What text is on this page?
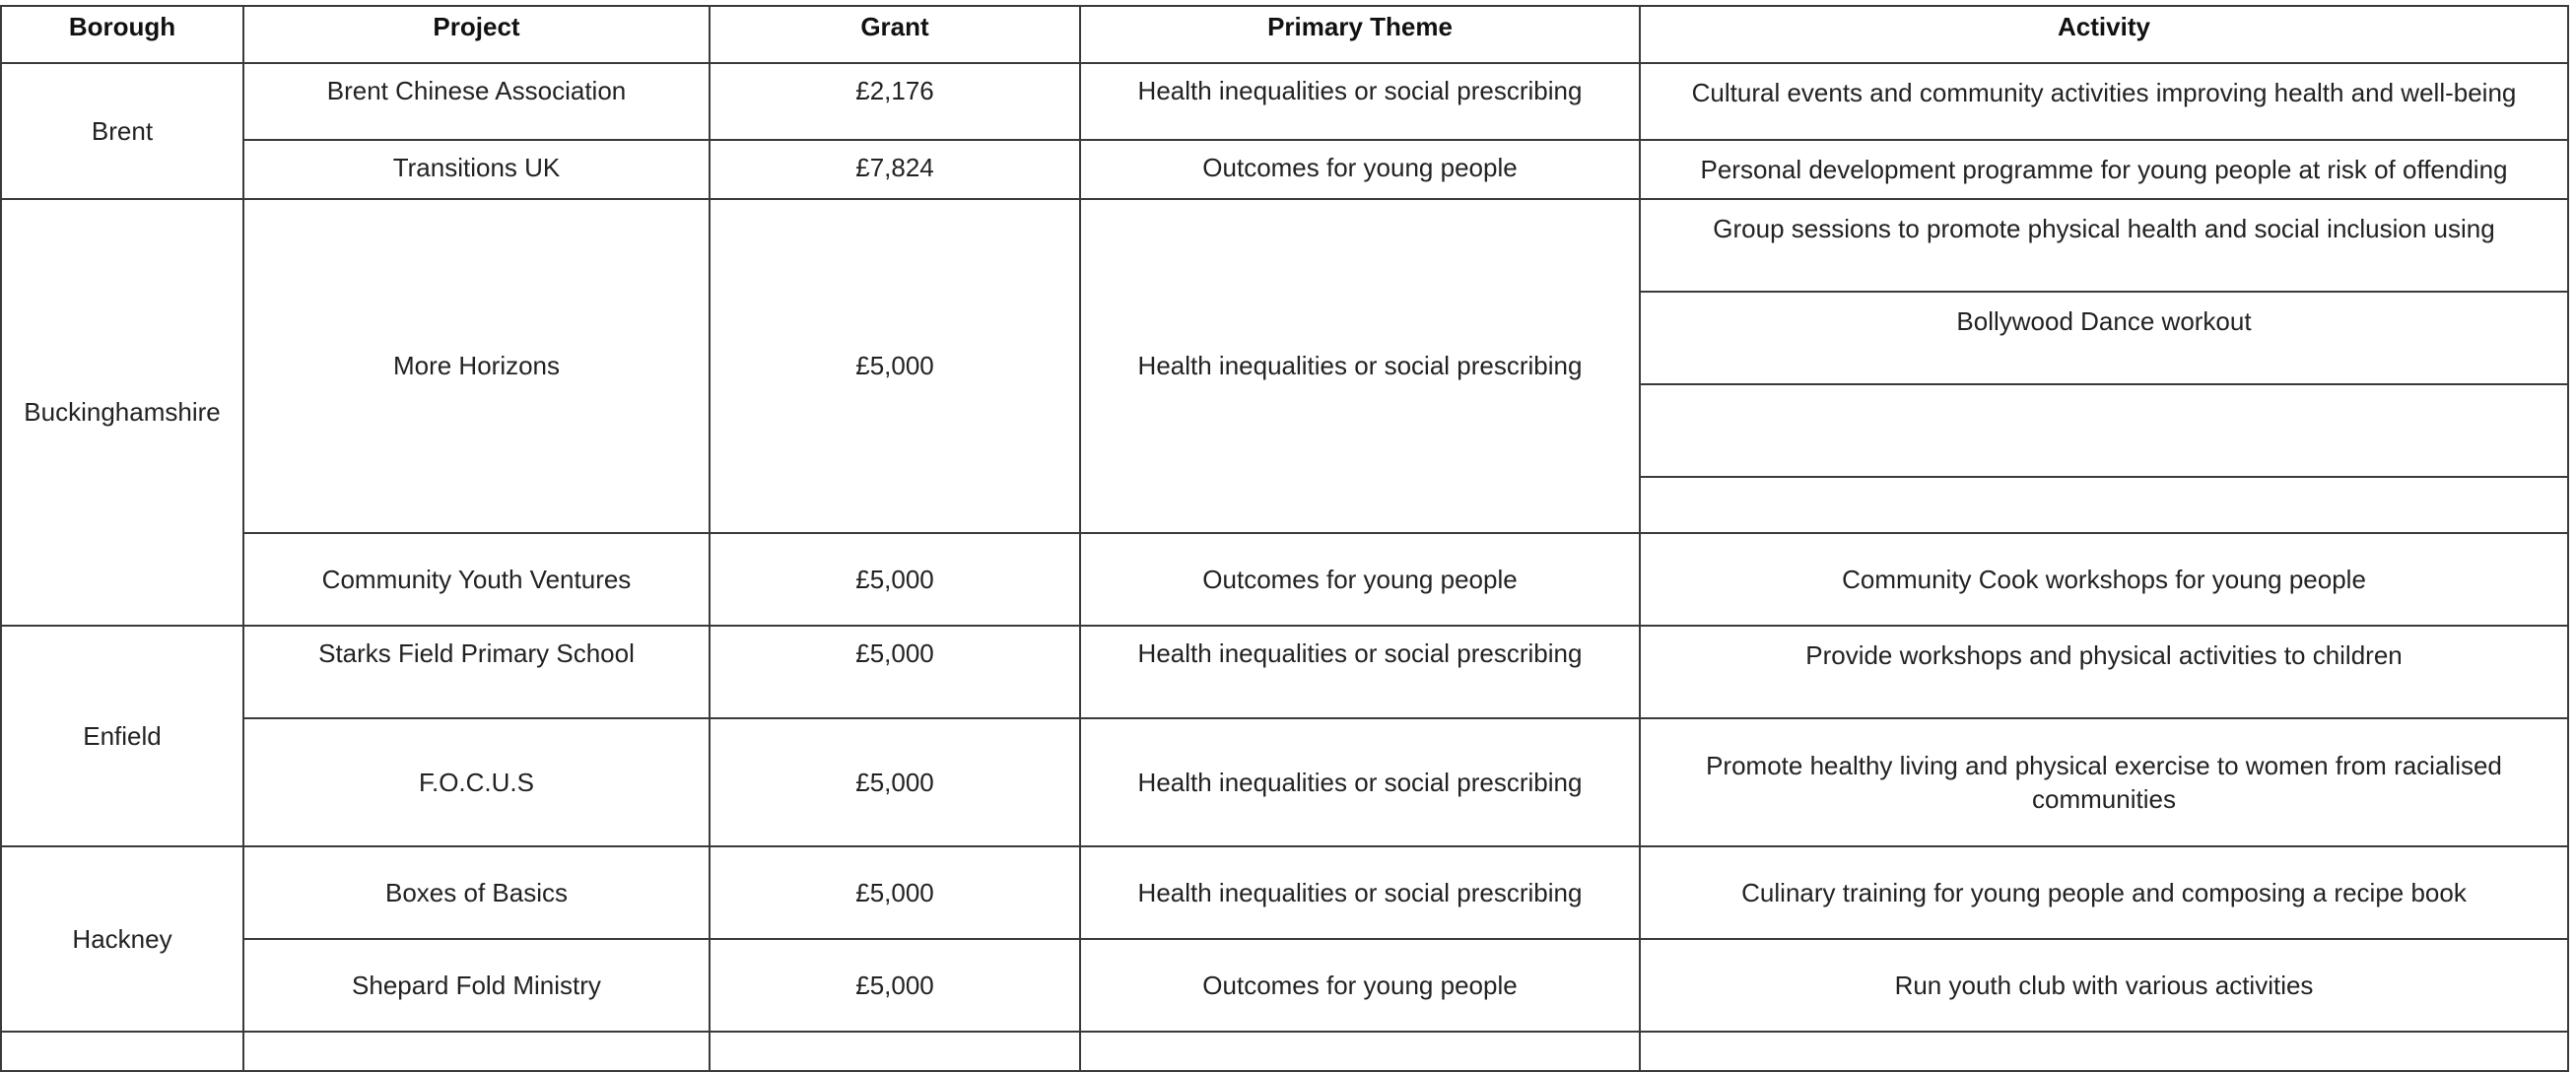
Borough	Project	Grant	Primary Theme	Activity
Brent	Brent Chinese Association	£2,176	Health inequalities or social prescribing	Cultural events and community activities improving health and well-being
	Transitions UK	£7,824	Outcomes for young people	Personal development programme for young people at risk of offending
Buckinghamshire	More Horizons	£5,000	Health inequalities or social prescribing	Group sessions to promote physical health and social inclusion using
				Bollywood Dance workout

	Community Youth Ventures	£5,000	Outcomes for young people	Community Cook workshops for young people
Enfield	Starks Field Primary School	£5,000	Health inequalities or social prescribing	Provide workshops and physical activities to children
	F.O.C.U.S	£5,000	Health inequalities or social prescribing	Promote healthy living and physical exercise to women from racialised communities
Hackney	Boxes of Basics	£5,000	Health inequalities or social prescribing	Culinary training for young people and composing a recipe book
	Shepard Fold Ministry	£5,000	Outcomes for young people	Run youth club with various activities
